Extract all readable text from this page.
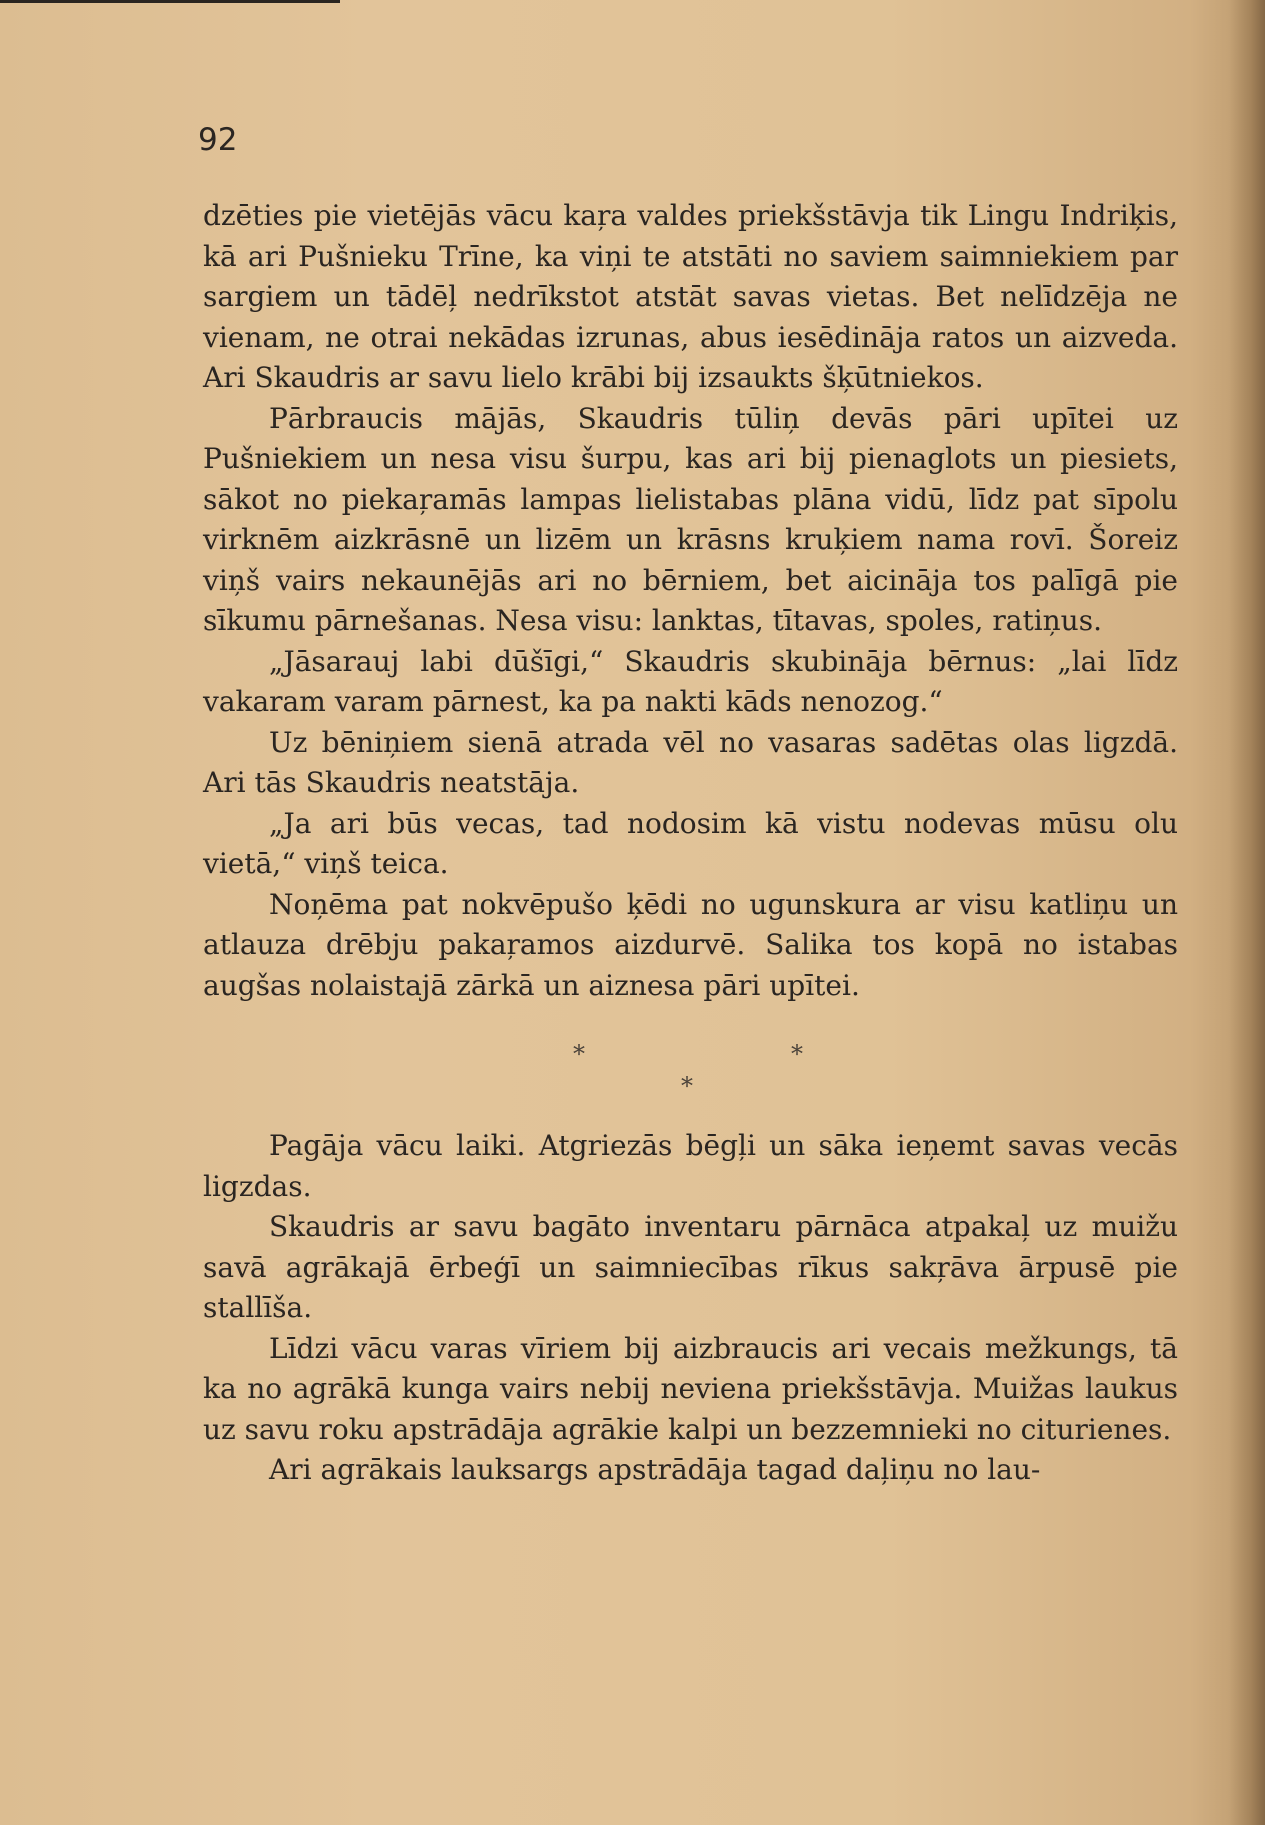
92

dzēties pie vietējās vācu kaŗa valdes priekšstāvja tik Lingu Indriķis, kā ari Pušnieku Trīne, ka viņi te atstāti no saviem saimniekiem par sargiem un tādēļ nedrīkstot atstāt savas vietas. Bet nelīdzēja ne vienam, ne otrai nekādas izrunas, abus iesēdināja ratos un aizveda. Ari Skaudris ar savu lielo krābi bij izsaukts šķūtniekos.

Pārbraucis mājās, Skaudris tūliņ devās pāri upītei uz Pušniekiem un nesa visu šurpu, kas ari bij pienaglots un piesiets, sākot no piekaŗamās lampas lielistabas plāna vidū, līdz pat sīpolu virknēm aizkrāsnē un lizēm un krāsns kruķiem nama rovī. Šoreiz viņš vairs nekaunējās ari no bērniem, bet aicināja tos palīgā pie sīkumu pārnešanas. Nesa visu: lanktas, tītavas, spoles, ratiņus.

„Jāsarauj labi dūšīgi,“ Skaudris skubināja bērnus: „lai līdz vakaram varam pārnest, ka pa nakti kāds nenozog.“

Uz bēniņiem sienā atrada vēl no vasaras sadētas olas ligzdā. Ari tās Skaudris neatstāja.

„Ja ari būs vecas, tad nodosim kā vistu nodevas mūsu olu vietā,“ viņš teica.

Noņēma pat nokvēpušo ķēdi no ugunskura ar visu katliņu un atlauza drēbju pakaŗamos aizdurvē. Salika tos kopā no istabas augšas nolaistajā zārkā un aiznesa pāri upītei.

*	*
*

Pagāja vācu laiki. Atgriezās bēgļi un sāka ieņemt savas vecās ligzdas.

Skaudris ar savu bagāto inventaru pārnāca atpakaļ uz muižu savā agrākajā ērbeģī un saimniecības rīkus sakŗāva ārpusē pie stallīša.

Līdzi vācu varas vīriem bij aizbraucis ari vecais mežkungs, tā ka no agrākā kunga vairs nebij neviena priekšstāvja. Muižas laukus uz savu roku apstrādāja agrākie kalpi un bezzemnieki no citurienes.

Ari agrākais lauksargs apstrādāja tagad daļiņu no lau-
